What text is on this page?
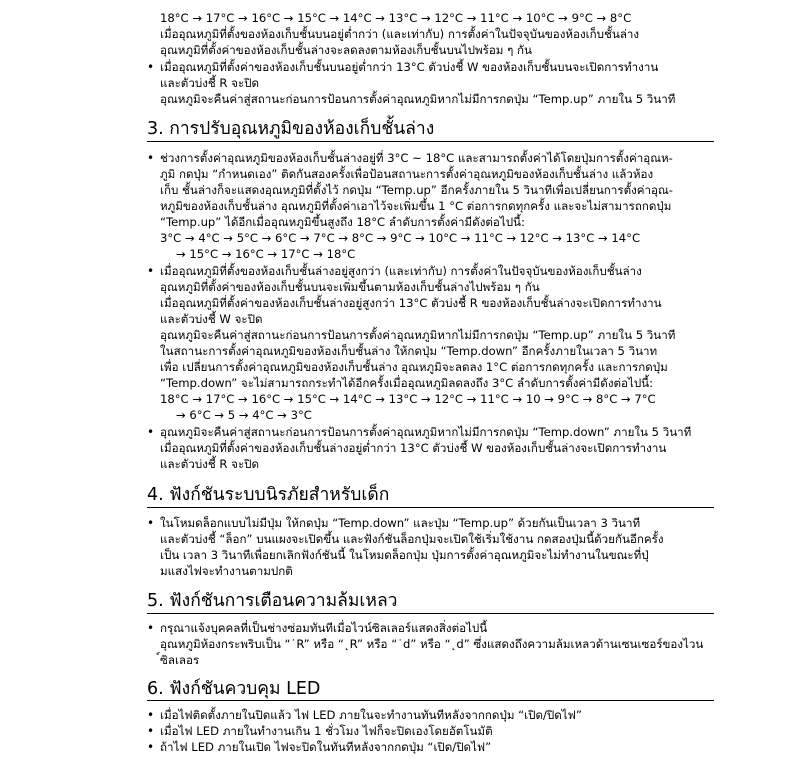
18°C → 17°C → 16°C → 15°C → 14°C → 13°C → 12°C → 11°C → 10°C → 9°C → 8°C
เมื่ออุณหภูมิที่ตั้งของห้องเก็บชั้นบนอยู่ต่ำกว่า (และเท่ากับ) การตั้งค่าในปัจจุบันของห้องเก็บชั้นล่าง
อุณหภูมิที่ตั้งค่าของห้องเก็บชั้นล่างจะลดลงตามห้องเก็บชั้นบนไปพร้อม ๆ กัน
• เมื่ออุณหภูมิที่ตั้งค่าของห้องเก็บชั้นบนอยู่ต่ำกว่า 13°C ตัวบ่งชี้ W ของห้องเก็บชั้นบนจะเปิดการทำงาน
และตัวบ่งชี้ R จะปิด
อุณหภูมิจะคืนค่าสู่สถานะก่อนการป้อนการตั้งค่าอุณหภูมิหากไม่มีการกดปุ่ม “Temp.up” ภายใน 5 วินาที
3. การปรับอุณหภูมิของห้องเก็บชั้นล่าง
• ช่วงการตั้งค่าอุณหภูมิของห้องเก็บชั้นล่างอยู่ที่ 3°C ~ 18°C และสามารถตั้งค่าได้โดยปุ่มการตั้งค่าอุณห-
ภูมิ กดปุ่ม “กำหนดเอง” ติดกันสองครั้งเพื่อป้อนสถานะการตั้งค่าอุณหภูมิของห้องเก็บชั้นล่าง แล้วห้อง
เก็บ ชั้นล่างก็จะแสดงอุณหภูมิที่ตั้งไว้ กดปุ่ม “Temp.up” อีกครั้งภายใน 5 วินาทีเพื่อเปลี่ยนการตั้งค่าอุณ-
หภูมิของห้องเก็บชั้นล่าง อุณหภูมิที่ตั้งค่าเอาไว้จะเพิ่มขึ้น 1 °C ต่อการกดทุกครั้ง และจะไม่สามารถกดปุ่ม
“Temp.up” ได้อีกเมื่ออุณหภูมิขึ้นสูงถึง 18°C ลำดับการตั้งค่ามีดังต่อไปนี้:
3°C → 4°C → 5°C → 6°C → 7°C → 8°C → 9°C → 10°C → 11°C → 12°C → 13°C → 14°C
→ 15°C → 16°C → 17°C → 18°C
• เมื่ออุณหภูมิที่ตั้งของห้องเก็บชั้นล่างอยู่สูงกว่า (และเท่ากับ) การตั้งค่าในปัจจุบันของห้องเก็บชั้นล่าง
อุณหภูมิที่ตั้งค่าของห้องเก็บชั้นบนจะเพิ่มขึ้นตามห้องเก็บชั้นล่างไปพร้อม ๆ กัน
เมื่ออุณหภูมิที่ตั้งค่าของห้องเก็บชั้นล่างอยู่สูงกว่า 13°C ตัวบ่งชี้ R ของห้องเก็บชั้นล่างจะเปิดการทำงาน
และตัวบ่งชี้ W จะปิด
อุณหภูมิจะคืนค่าสู่สถานะก่อนการป้อนการตั้งค่าอุณหภูมิหากไม่มีการกดปุ่ม “Temp.up” ภายใน 5 วินาที
ในสถานะการตั้งค่าอุณหภูมิของห้องเก็บชั้นล่าง ให้กดปุ่ม “Temp.down” อีกครั้งภายในเวลา 5 วินาท
เพื่อ เปลี่ยนการตั้งค่าอุณหภูมิของห้องเก็บชั้นล่าง อุณหภูมิจะลดลง 1°C ต่อการกดทุกครั้ง และการกดปุ่ม
“Temp.down” จะไม่สามารถกระทำได้อีกครั้งเมื่ออุณหภูมิลดลงถึง 3°C ลำดับการตั้งค่ามีดังต่อไปนี้:
18°C → 17°C → 16°C → 15°C → 14°C → 13°C → 12°C → 11°C → 10 → 9°C → 8°C → 7°C
→ 6°C → 5 → 4°C → 3°C
• อุณหภูมิจะคืนค่าสู่สถานะก่อนการป้อนการตั้งค่าอุณหภูมิหากไม่มีการกดปุ่ม “Temp.down” ภายใน 5 วินาที
เมื่ออุณหภูมิที่ตั้งค่าของห้องเก็บชั้นล่างอยู่ต่ำกว่า 13°C ตัวบ่งชี้ W ของห้องเก็บชั้นล่างจะเปิดการทำงาน
และตัวบ่งชี้ R จะปิด
4. ฟังก์ชันระบบนิรภัยสำหรับเด็ก
• ในโหมดล็อกแบบไม่มีปุ่ม ให้กดปุ่ม “Temp.down” และปุ่ม “Temp.up” ด้วยกันเป็นเวลา 3 วินาที
และตัวบ่งชี้ “ล็อก” บนแผงจะเปิดขึ้น และฟังก์ชันล็อกปุ่มจะเปิดใช้เริ่มใช้งาน กดสองปุ่มนี้ด้วยกันอีกครั้ง
เป็น เวลา 3 วินาทีเพื่อยกเลิกฟังก์ชันนี้ ในโหมดล็อกปุ่ม ปุ่มการตั้งค่าอุณหภูมิจะไม่ทำงานในขณะที่ปุ่
มแสงไฟจะทำงานตามปกติ
5. ฟังก์ชันการเตือนความล้มเหลว
• กรุณาแจ้งบุคคลที่เป็นช่างซ่อมทันทีเมื่อไวน์ซิลเลอร์แสดงสิ่งต่อไปนี้
อุณหภูมิห้องกระพริบเป็น “˙R” หรือ “˛R” หรือ “˙d” หรือ “˛d” ซึ่งแสดงถึงความล้มเหลวด้านเซนเซอร์ของไวน
์ซิลเลอร
6. ฟังก์ชันควบคุม LED
• เมื่อไฟติดตั้งภายในปิดแล้ว ไฟ LED ภายในจะทำงานทันทีหลังจากกดปุ่ม “เปิด/ปิดไฟ”
• เมื่อไฟ LED ภายในทำงานเกิน 1 ชั่วโมง ไฟก็จะปิดเองโดยอัตโนมัติ
• ถ้าไฟ LED ภายในเปิด ไฟจะปิดในทันทีหลังจากกดปุ่ม “เปิด/ปิดไฟ”
